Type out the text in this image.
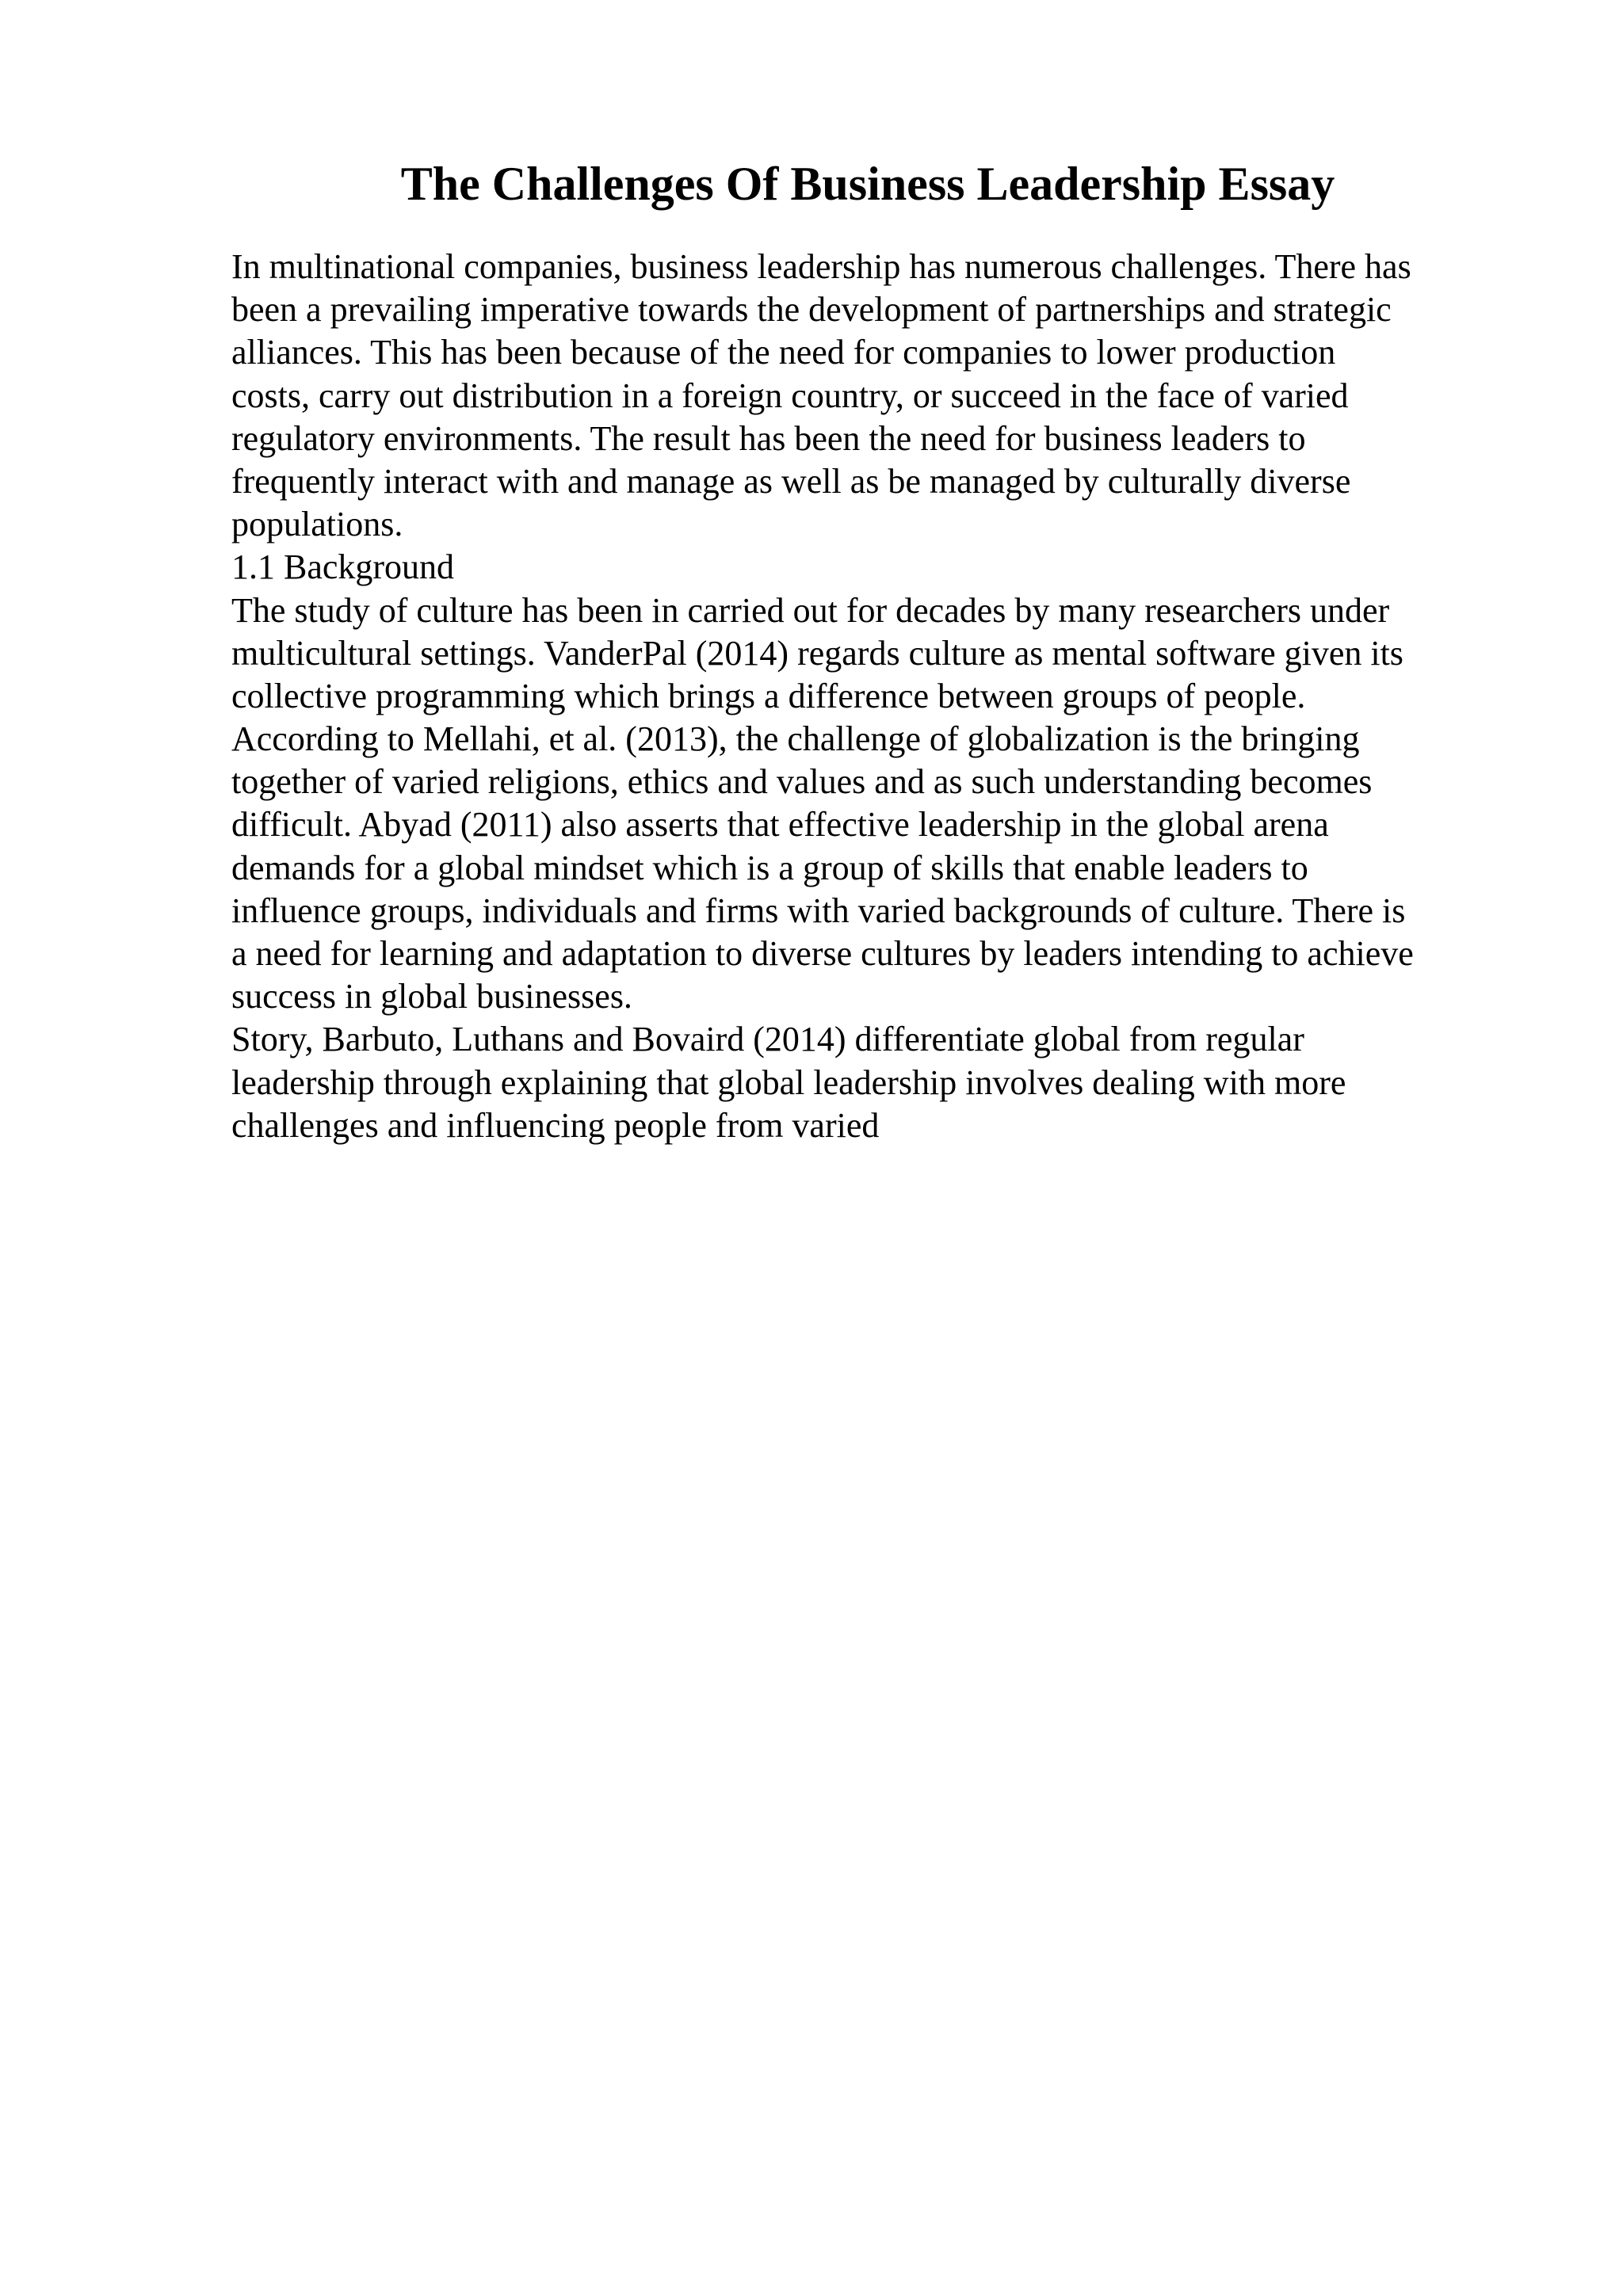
The Challenges Of Business Leadership Essay
In multinational companies, business leadership has numerous challenges. There has
been a prevailing imperative towards the development of partnerships and strategic
alliances. This has been because of the need for companies to lower production
costs, carry out distribution in a foreign country, or succeed in the face of varied
regulatory environments. The result has been the need for business leaders to
frequently interact with and manage as well as be managed by culturally diverse
populations.
1.1 Background
The study of culture has been in carried out for decades by many researchers under
multicultural settings. VanderPal (2014) regards culture as mental software given its
collective programming which brings a difference between groups of people.
According to Mellahi, et al. (2013), the challenge of globalization is the bringing
together of varied religions, ethics and values and as such understanding becomes
difficult. Abyad (2011) also asserts that effective leadership in the global arena
demands for a global mindset which is a group of skills that enable leaders to
influence groups, individuals and firms with varied backgrounds of culture. There is
a need for learning and adaptation to diverse cultures by leaders intending to achieve
success in global businesses.
Story, Barbuto, Luthans and Bovaird (2014) differentiate global from regular
leadership through explaining that global leadership involves dealing with more
challenges and influencing people from varied
